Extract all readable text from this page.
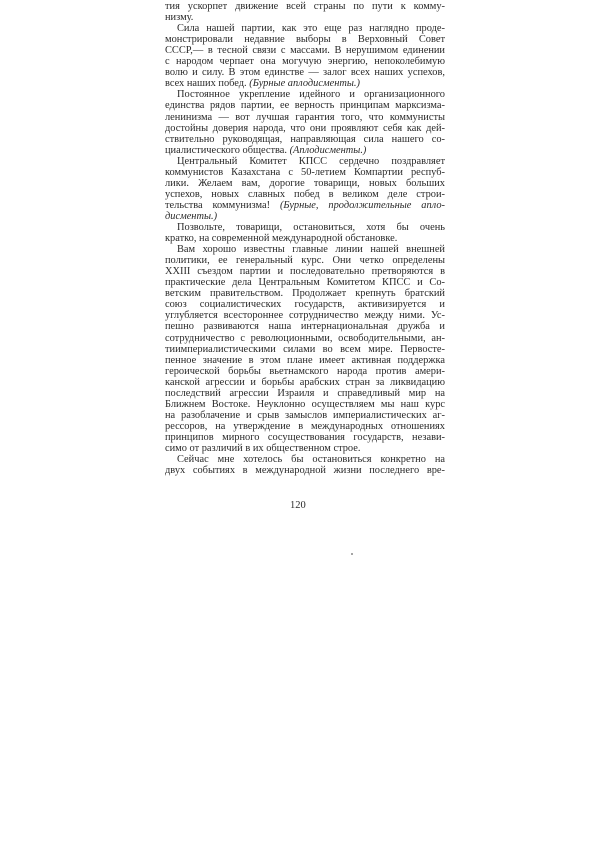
тия ускорпет движение всей страны по пути к комму-
низму.
Сила нашей партии, как это еще раз наглядно проде-
монстрировали недавние выборы в Верховный Совет
СССР,— в тесной связи с массами. В нерушимом единении
с народом черпает она могучую энергию, непоколебимую
волю и силу. В этом единстве — залог всех наших успехов,
всех наших побед. (Бурные аплодисменты.)
Постоянное укрепление идейного и организационного
единства рядов партии, ее верность принципам марксизма-
ленинизма — вот лучшая гарантия того, что коммунисты
достойны доверия народа, что они проявляют себя как дей-
ствительно руководящая, направляющая сила нашего со-
циалистического общества. (Аплодисменты.)
Центральный Комитет КПСС сердечно поздравляет
коммунистов Казахстана с 50-летием Компартии респуб-
лики. Желаем вам, дорогие товарищи, новых больших
успехов, новых славных побед в великом деле строи-
тельства коммунизма! (Бурные, продолжительные апло-
дисменты.)
Позвольте, товарищи, остановиться, хотя бы очень
кратко, на современной международной обстановке.
Вам хорошо известны главные линии нашей внешней
политики, ее генеральный курс. Они четко определены
XXIII съездом партии и последовательно претворяются в
практические дела Центральным Комитетом КПСС и Со-
ветским правительством. Продолжает крепнуть братский
союз социалистических государств, активизируется и
углубляется всестороннее сотрудничество между ними. Ус-
пешно развиваются наша интернациональная дружба и
сотрудничество с революционными, освободительными, ан-
тиимпериалистическими силами во всем мире. Первосте-
пенное значение в этом плане имеет активная поддержка
героической борьбы вьетнамского народа против амери-
канской агрессии и борьбы арабских стран за ликвидацию
последствий агрессии Израиля и справедливый мир на
Ближнем Востоке. Неуклонно осуществляем мы наш курс
на разоблачение и срыв замыслов империалистических аг-
рессоров, на утверждение в международных отношениях
принципов мирного сосуществования государств, незави-
симо от различий в их общественном строе.
Сейчас мне хотелось бы остановиться конкретно на
двух событиях в международной жизни последнего вре-
120
